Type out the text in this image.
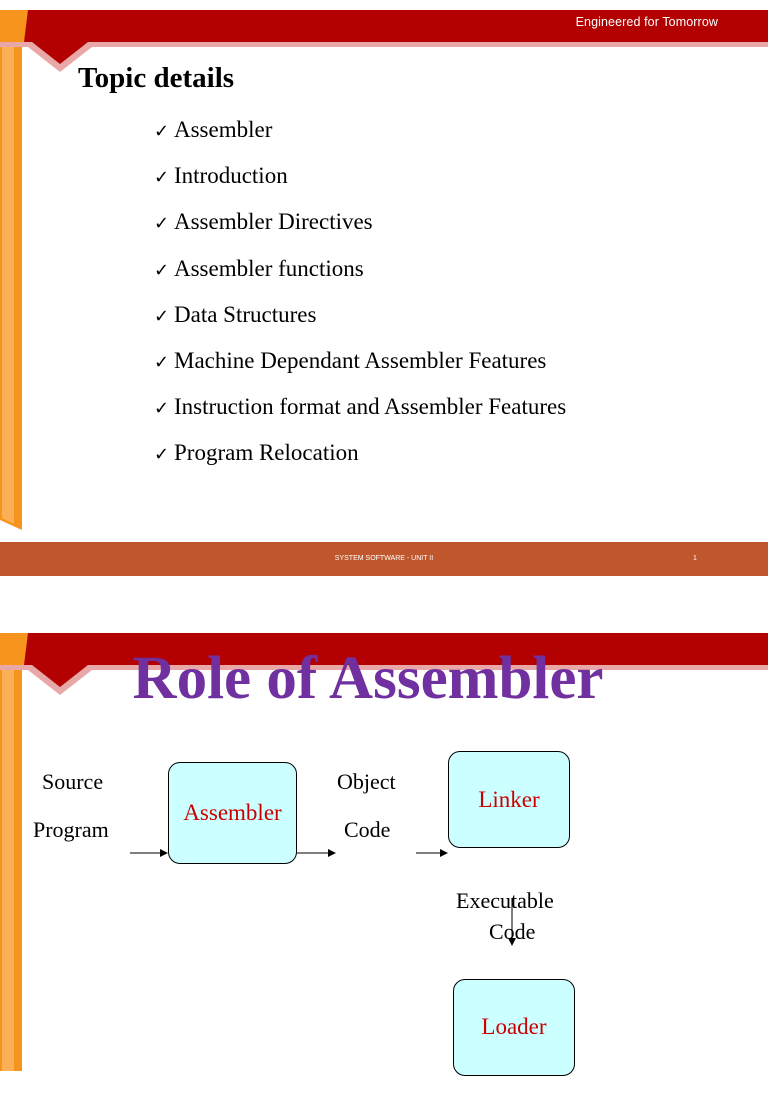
Engineered for Tomorrow
Topic details
✓ Assembler
✓ Introduction
✓ Assembler Directives
✓ Assembler functions
✓ Data Structures
✓ Machine Dependant Assembler Features
✓ Instruction format and Assembler Features
✓ Program Relocation
SYSTEM SOFTWARE - UNIT II	1
Engineered for Tomorrow
Role of Assembler
Source
Program
Assembler
Object
Code
Linker
Executable
Code
Loader
